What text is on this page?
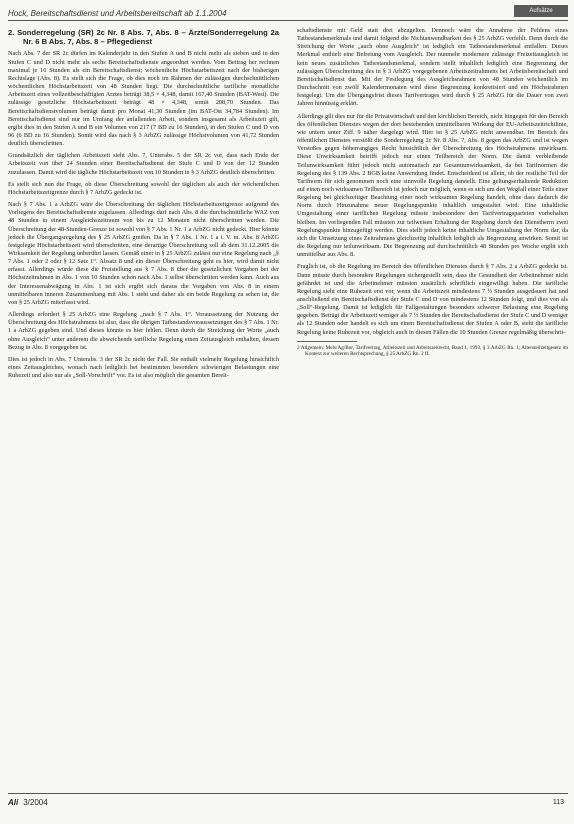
Hock, Bereitschaftsdienst und Arbeitsbereitschaft ab 1.1.2004	Aufsätze
2. Sonderregelung (SR) 2c Nr. 8 Abs. 7, Abs. 8 – Ärzte/Sonderregelung 2a Nr. 6 B Abs. 7, Abs. 8 – Pflegedienst

Nach Abs. 7 der SR 2c dürfen im Kalenderjahr in den Stufen A und B nicht mehr als sieben und in den Stufen C und D nicht mehr als sechs Bereitschaftsdienste angeordnet werden. Vom Beitrag her rechnen maximal je 16 Stunden als ein Bereitschaftsdienst; wöchentliche Höchstarbeitszeit nach der bisherigen Rechtslage (Abs. 8). Es stellt sich die Frage, ob dies noch im Rahmen der zulässigen durchschnittlichen wöchentlichen Höchstarbeitszeit von 48 Stunden liegt. Die durchschnittliche tarifliche monatliche Arbeitszeit eines vollzeitbeschäftigten Arztes beträgt 38,5 × 4,348, damit 167,40 Stunden (BAT-West). Die zulässige gesetzliche Höchstarbeitszeit beträgt 48 × 4,348, somit 208,70 Stunden. Das Bereitschaftsdienstvolumen beträgt damit pro Monat 41,30 Stunden (im BAT-Ost 34,784 Stunden). Im Bereitschaftsdienst sind nur im Umfang der anfallenden Arbeit, sondern insgesamt als Arbeitszeit gilt, ergibt dies in den Stufen A und B ein Volumen von 217 (7 BD zu 16 Stunden), in den Stufen C und D von 96 (6 BD zu 16 Stunden). Somit wird das nach § 3 ArbZG zulässige Höchstvolumen von 41,72 Stunden deutlich überschritten.

Grundsätzlich der täglichen Arbeitszeit sieht Abs. 7, Unterabs. 5 der SR 2c vor, dass nach Ende der Arbeitszeit von über 24 Stunden einer Bereitschaftsdienst der Stufe C und D von der 12 Stunden zuzulassen. Damit wird die tägliche Höchstarbeitszeit von 10 Stunden in § 3 ArbZG deutlich überschritten.

Es stellt sich nun die Frage, ob diese Überschreitung sowohl der täglichen als auch der wöchentlichen Höchstarbeitszeitgrenze durch § 7 ArbZG gedeckt ist.

Nach § 7 Abs. 1 a ArbZG wäre die Überschreitung der täglichen Höchstarbeitszeitgrenze aufgrund des Vorliegens der Bereitschaftsdienste zugelassen. Allerdings darf nach Abs. 8 die durchschnittliche WAZ von 48 Stunden in einem Ausgleichszeitraum von bis zu 12 Monaten nicht überschritten werden. Die Überschreitung der 48-Stunden-Grenze ist sowohl von § 7 Abs. 1 Nr. 1 a ArbZG nicht gedeckt. Hier könnte jedoch die Übergangsregelung des § 25 ArbZG greifen. Da in § 7 Abs. 1 Nr. 1 a i. V. m. Abs. 8 ArbZG festgelegte Höchstarbeitszeit wird überschritten, eine derartige Überschreitung soll ab dem 31.12.2005 die Wirksamkeit der Regelung unberührt lassen. Gemäß einer in § 25 ArbZG zulässt nur eine Regelung nach „§ 7 Abs. 1 oder 2 oder § 12 Satz 1“. Absatz 8 und ein dieser Überschreitung geht es hier, wird damit nicht erfasst. Allerdings würde diese die Freistellung aus § 7 Abs. 8 über die gesetzlichen Vorgaben bei der Höchstzeitrahmen in Abs. 1 von 10 Stunden schon nach Abs. 1 selbst überschritten werden kann. Auch aus der Interessenabwägung in Abs. 1 ist sich ergibt sich daraus die Vorgaben von Abs. 8 in einem unmittelbaren inneren Zusammenhang mit Abs. 1 steht und daher als ein beide Regelung zu sehen ist, die von § 25 ArbZG miterfasst wird.

Allerdings erfordert § 25 ArbZG eine Regelung „nach § 7 Abs. 1“. Voraussetzung der Nutzung der Überschreitung des Höchstrahmens ist also, dass die übrigen Tatbestandsvoraussetzungen des § 7 Abs. 1 Nr. 1 a ArbZG gegeben sind. Und dieses könnte es hier fehlen. Denn durch die Streichung der Worte „auch ohne Ausgleich“ unter anderem die abweichende tarifliche Regelung einen Zeitausgleich enthalten, dessen Bezug in Abs. 8 vorgegeben ist.

Dies ist jedoch in Abs. 7 Unterabs. 3 der SR 2c nicht der Fall. Sie enthält vielmehr Regelung hinsichtlich eines Zeitausgleiches, wonach nach lediglich bei bestimmten besonders schwierigen Belastungen eine Ruhezeit und also nur als „Soll-Vorschrift“ vor. Es ist also möglich die gesamten Bereit-

schaftsdienste mit Geld statt drei abzugelten. Dennoch wäre die Annahme der Fehlens eines Tatbestandsmerkmals und damit folgend die Nichtanwendbarkeit des § 25 ArbZG verfehlt. Denn durch die Streichung der Worte „auch ohne Ausgleich“ ist lediglich ein Tatbestandsmerkmal entfallen. Dieses Merkmal enthielt eine Befreiung vom Ausgleich. Der nunmehr modernere zulässige Freizeitausgleich ist kein neues zusätzliches Tatbestandsmerkmal, sondern stellt inhaltlich lediglich eine Begrenzung der zulässigen Überschreitung des in § 3 ArbZG vorgegebenen Arbeitszeitrahmens bei Arbeitsbereitschaft und Bereitschaftsdienst dar. Mit der Festlegung des Ausgleichsrahmen von 48 Stunden wöchentlich im Durchschnitt von zwölf Kalendermonaten wird diese Begrenzung konkretisiert und ein Höchstrahmen festgelegt. Um die Übergangsfrist dieses Tarifvertrages wird durch § 25 ArbZG für die Dauer von zwei Jahren hinnüssig erklärt.

Allerdings gilt dies nur für die Privatwirtschaft und den kirchlichen Bereich, nicht hingegen für den Bereich des öffentlichen Dienstes wegen der dort bestehenden unmittelbaren Wirkung der EU-Arbeitszeitrichtlinie, wie untern unter Ziff. 9 näher dargelegt wird. Hier ist § 25 ArbZG nicht anwendbar. Im Bereich des öffentlichen Dienstes verstößt die Sonderregelung 2c Nr. 8 Abs. 7, Abs. 8 gegen das ArbZG und ist wegen Verstoßes gegen höherrangiges Recht hinsichtlich der Überschreitung des Höchstrahmens unwirksam. Diese Unwirksamkeit betrifft jedoch nur einen Teilbereich der Norm. Die damit verbleibende Teilunwirksamkeit führt jedoch nicht automatisch zur Gesamtunwirksamkeit, da bei Tarifnormen die Regelung des § 139 Abs. 2 BGB keine Anwendung findet. Entscheidend ist allein, ob der restliche Teil der Tarifnorm für sich genommen noch eine sinnvolle Regelung darstellt. Eine geltungserhaltende Reduktion auf einen noch wirksamen Teilbereich ist jedoch nur möglich, wenn es sich um den Wegfall einer Teils einer Regelung bei gleichzeitiger Beachtung einer noch wirksamen Regelung handelt, ohne dass dadurch die Norm durch Hinzunahme neuer Regelungspunkte inhaltlich umgestaltet wird. Eine inhaltliche Umgestaltung einer tariflichen Regelung müsste insbesondere den Tarifvertragsparteien vorbehalten bleiben. Im vorliegenden Fall müssten zur teilweisen Erhaltung der Regelung durch den Dienstherrn zwei Regelungspunkte hinzugefügt werden. Dies stellt jedoch keine inhaltliche Umgestaltung der Norm dar, da sich die Umsetzung eines Zeitrahmens gleichzeitig inhaltlich lediglich als Begrenzung anwirken. Somit ist die Regelung nur teilunwirksam. Die Begrenzung auf durchschnittlich 48 Stunden pro Woche ergibt sich unmittelbar aus Abs. 8.

Fraglich ist, ob die Regelung im Bereich des öffentlichen Dienstes durch § 7 Abs. 2 a ArbZG gedeckt ist. Dann müsste durch besondere Regelungen sichergestellt sein, dass die Gesundheit der Arbeitnehmer nicht gefährdet ist und die Arbeitnehmer müssten zusätzlich schriftlich eingewilligt haben. Die tarifliche Regelung sieht eine Ruhezeit erst vor, wenn die Arbeitszeit mindestens 7 ½ Stunden ausgedauert hat und anschließend ein Bereitschaftsdienst der Stufe C und D von mindestens 12 Stunden folgt, und dies von als „Soll“-Regelung. Damit ist lediglich für Fallgestaltungen besonders schwerer Belastung eine Regelung gegeben. Beträgt die Arbeitszeit weniger als 7 ½ Stunden der Bereitschaftsdienst der Stufe C und D weniger als 12 Stunden oder handelt es sich um einen Bereitschaftsdienst der Stufen A oder B, sieht die tarifliche Regelung keine Ruhezeit vor, obgleich auch in diesen Fällen die 10 Stunden Grenze regelmäßig überschrit-

2 Allgemein: Mels/Ag/Bor, Tarifvertrag, Arbeitszeit und Arbeitszeitrecht, Band 1, 1993, § 3 ArbZG Rn. 1; Altersteilzeitgesetz im Kontext zur weiteren Rechtsprechung, § 25 ArbZG Rn. 2 ff.
Ali 3/2004	113
